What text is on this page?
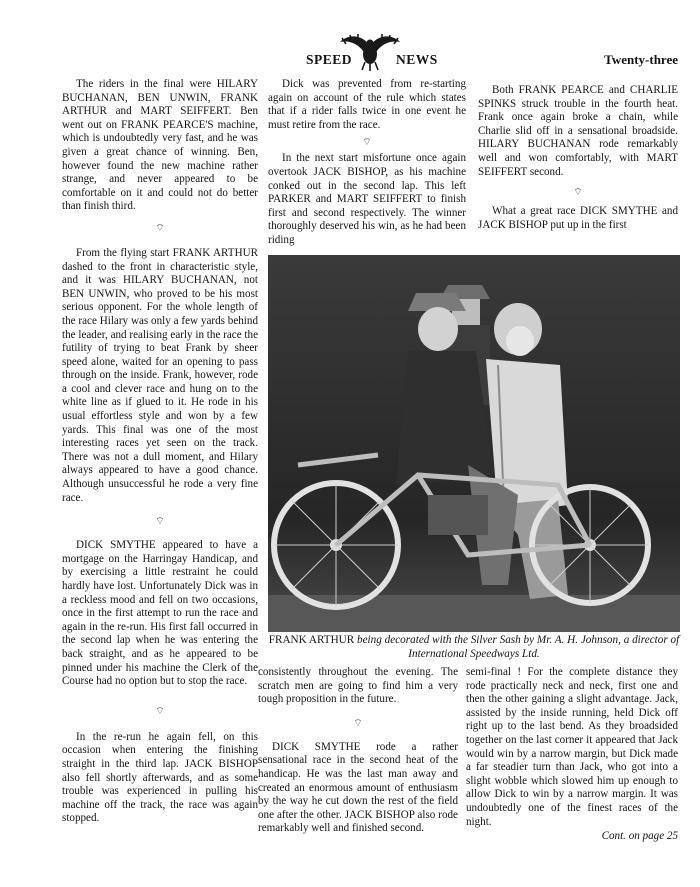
SPEED	NEWS	Twenty-three

The riders in the final were HILARY BUCHANAN, BEN UNWIN, FRANK ARTHUR and MART SEIFFERT. Ben went out on FRANK PEARCE'S machine, which is undoubtedly very fast, and he was given a great chance of winning. Ben, however found the new machine rather strange, and never appeared to be comfortable on it and could not do better than finish third.

⌔

From the flying start FRANK ARTHUR dashed to the front in characteristic style, and it was HILARY BUCHANAN, not BEN UNWIN, who proved to be his most serious opponent. For the whole length of the race Hilary was only a few yards behind the leader, and realising early in the race the futility of trying to beat Frank by sheer speed alone, waited for an opening to pass through on the inside. Frank, however, rode a cool and clever race and hung on to the white line as if glued to it. He rode in his usual effortless style and won by a few yards. This final was one of the most interesting races yet seen on the track. There was not a dull moment, and Hilary always appeared to have a good chance. Although unsuccessful he rode a very fine race.

⌔

DICK SMYTHE appeared to have a mortgage on the Harringay Handicap, and by exercising a little restraint he could hardly have lost. Unfortunately Dick was in a reckless mood and fell on two occasions, once in the first attempt to run the race and again in the re-run. His first fall occurred in the second lap when he was entering the back straight, and as he appeared to be pinned under his machine the Clerk of the Course had no option but to stop the race.

⌔

In the re-run he again fell, on this occasion when entering the finishing straight in the third lap. JACK BISHOP also fell shortly afterwards, and as some trouble was experienced in pulling his machine off the track, the race was again stopped.

Dick was prevented from re-starting again on account of the rule which states that if a rider falls twice in one event he must retire from the race.

⌔

In the next start misfortune once again overtook JACK BISHOP, as his machine conked out in the second lap. This left PARKER and MART SEIFFERT to finish first and second respectively. The winner thoroughly deserved his win, as he had been riding

Both FRANK PEARCE and CHARLIE SPINKS struck trouble in the fourth heat. Frank once again broke a chain, while Charlie slid off in a sensational broadside. HILARY BUCHANAN rode remarkably well and won comfortably, with MART SEIFFERT second.

⌔

What a great race DICK SMYTHE and JACK BISHOP put up in the first

FRANK ARTHUR being decorated with the Silver Sash by Mr. A. H. Johnson, a director of International Speedways Ltd.

consistently throughout the evening. The scratch men are going to find him a very tough proposition in the future.

⌔

DICK SMYTHE rode a rather sensational race in the second heat of the handicap. He was the last man away and created an enormous amount of enthusiasm by the way he cut down the rest of the field one after the other. JACK BISHOP also rode remarkably well and finished second.

semi-final ! For the complete distance they rode practically neck and neck, first one and then the other gaining a slight advantage. Jack, assisted by the inside running, held Dick off right up to the last bend. As they broadsided together on the last corner it appeared that Jack would win by a narrow margin, but Dick made a far steadier turn than Jack, who got into a slight wobble which slowed him up enough to allow Dick to win by a narrow margin. It was undoubtedly one of the finest races of the night.

Cont. on page 25
